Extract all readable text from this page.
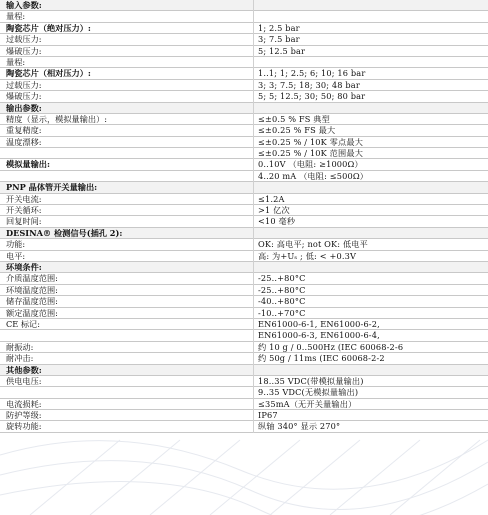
输入参数:
量程:
陶瓷芯片（绝对压力）:	1; 2.5 bar
过载压力:	3; 7.5 bar
爆破压力:	5; 12.5 bar
量程:
陶瓷芯片（相对压力）:	1..1; 1; 2.5; 6; 10; 16 bar
过载压力:	3; 3; 7.5; 18; 30; 48 bar
爆破压力:	5; 5; 12.5; 30; 50; 80 bar
输出参数:
精度（显示，模拟量输出）:	≤±0.5 % FS 典型
重复精度:	≤±0.25 % FS 最大
温度漂移:	≤±0.25 % / 10K 零点最大
≤±0.25 % / 10K 范围最大
模拟量输出:	0..10V （电阻: ≥1000Ω）
4..20 mA （电阻: ≤500Ω）
PNP 晶体管开关量输出:
开关电流:	≤1.2A
开关循环:	>1 亿次
回复时间:	<10 毫秒
DESINA® 检测信号(插孔 2):
功能:	OK: 高电平; not OK: 低电平
电平:	高: 为+Uₛ ; 低: < +0.3V
环境条件:
介质温度范围:	-25..+80°C
环境温度范围:	-25..+80°C
储存温度范围:	-40..+80°C
额定温度范围:	-10..+70°C
CE 标记:	EN61000-6-1, EN61000-6-2,
EN61000-6-3, EN61000-6-4,
耐振动:	约 10 g / 0..500Hz (IEC 60068-2-6
耐冲击:	约 50g / 11ms (IEC 60068-2-2
其他参数:
供电电压:	18..35 VDC(带模拟量输出)
9..35 VDC(无模拟量输出)
电流损耗:	≤35mA（无开关量输出）
防护等级:	IP67
旋转功能:	纵轴 340° 显示 270°
